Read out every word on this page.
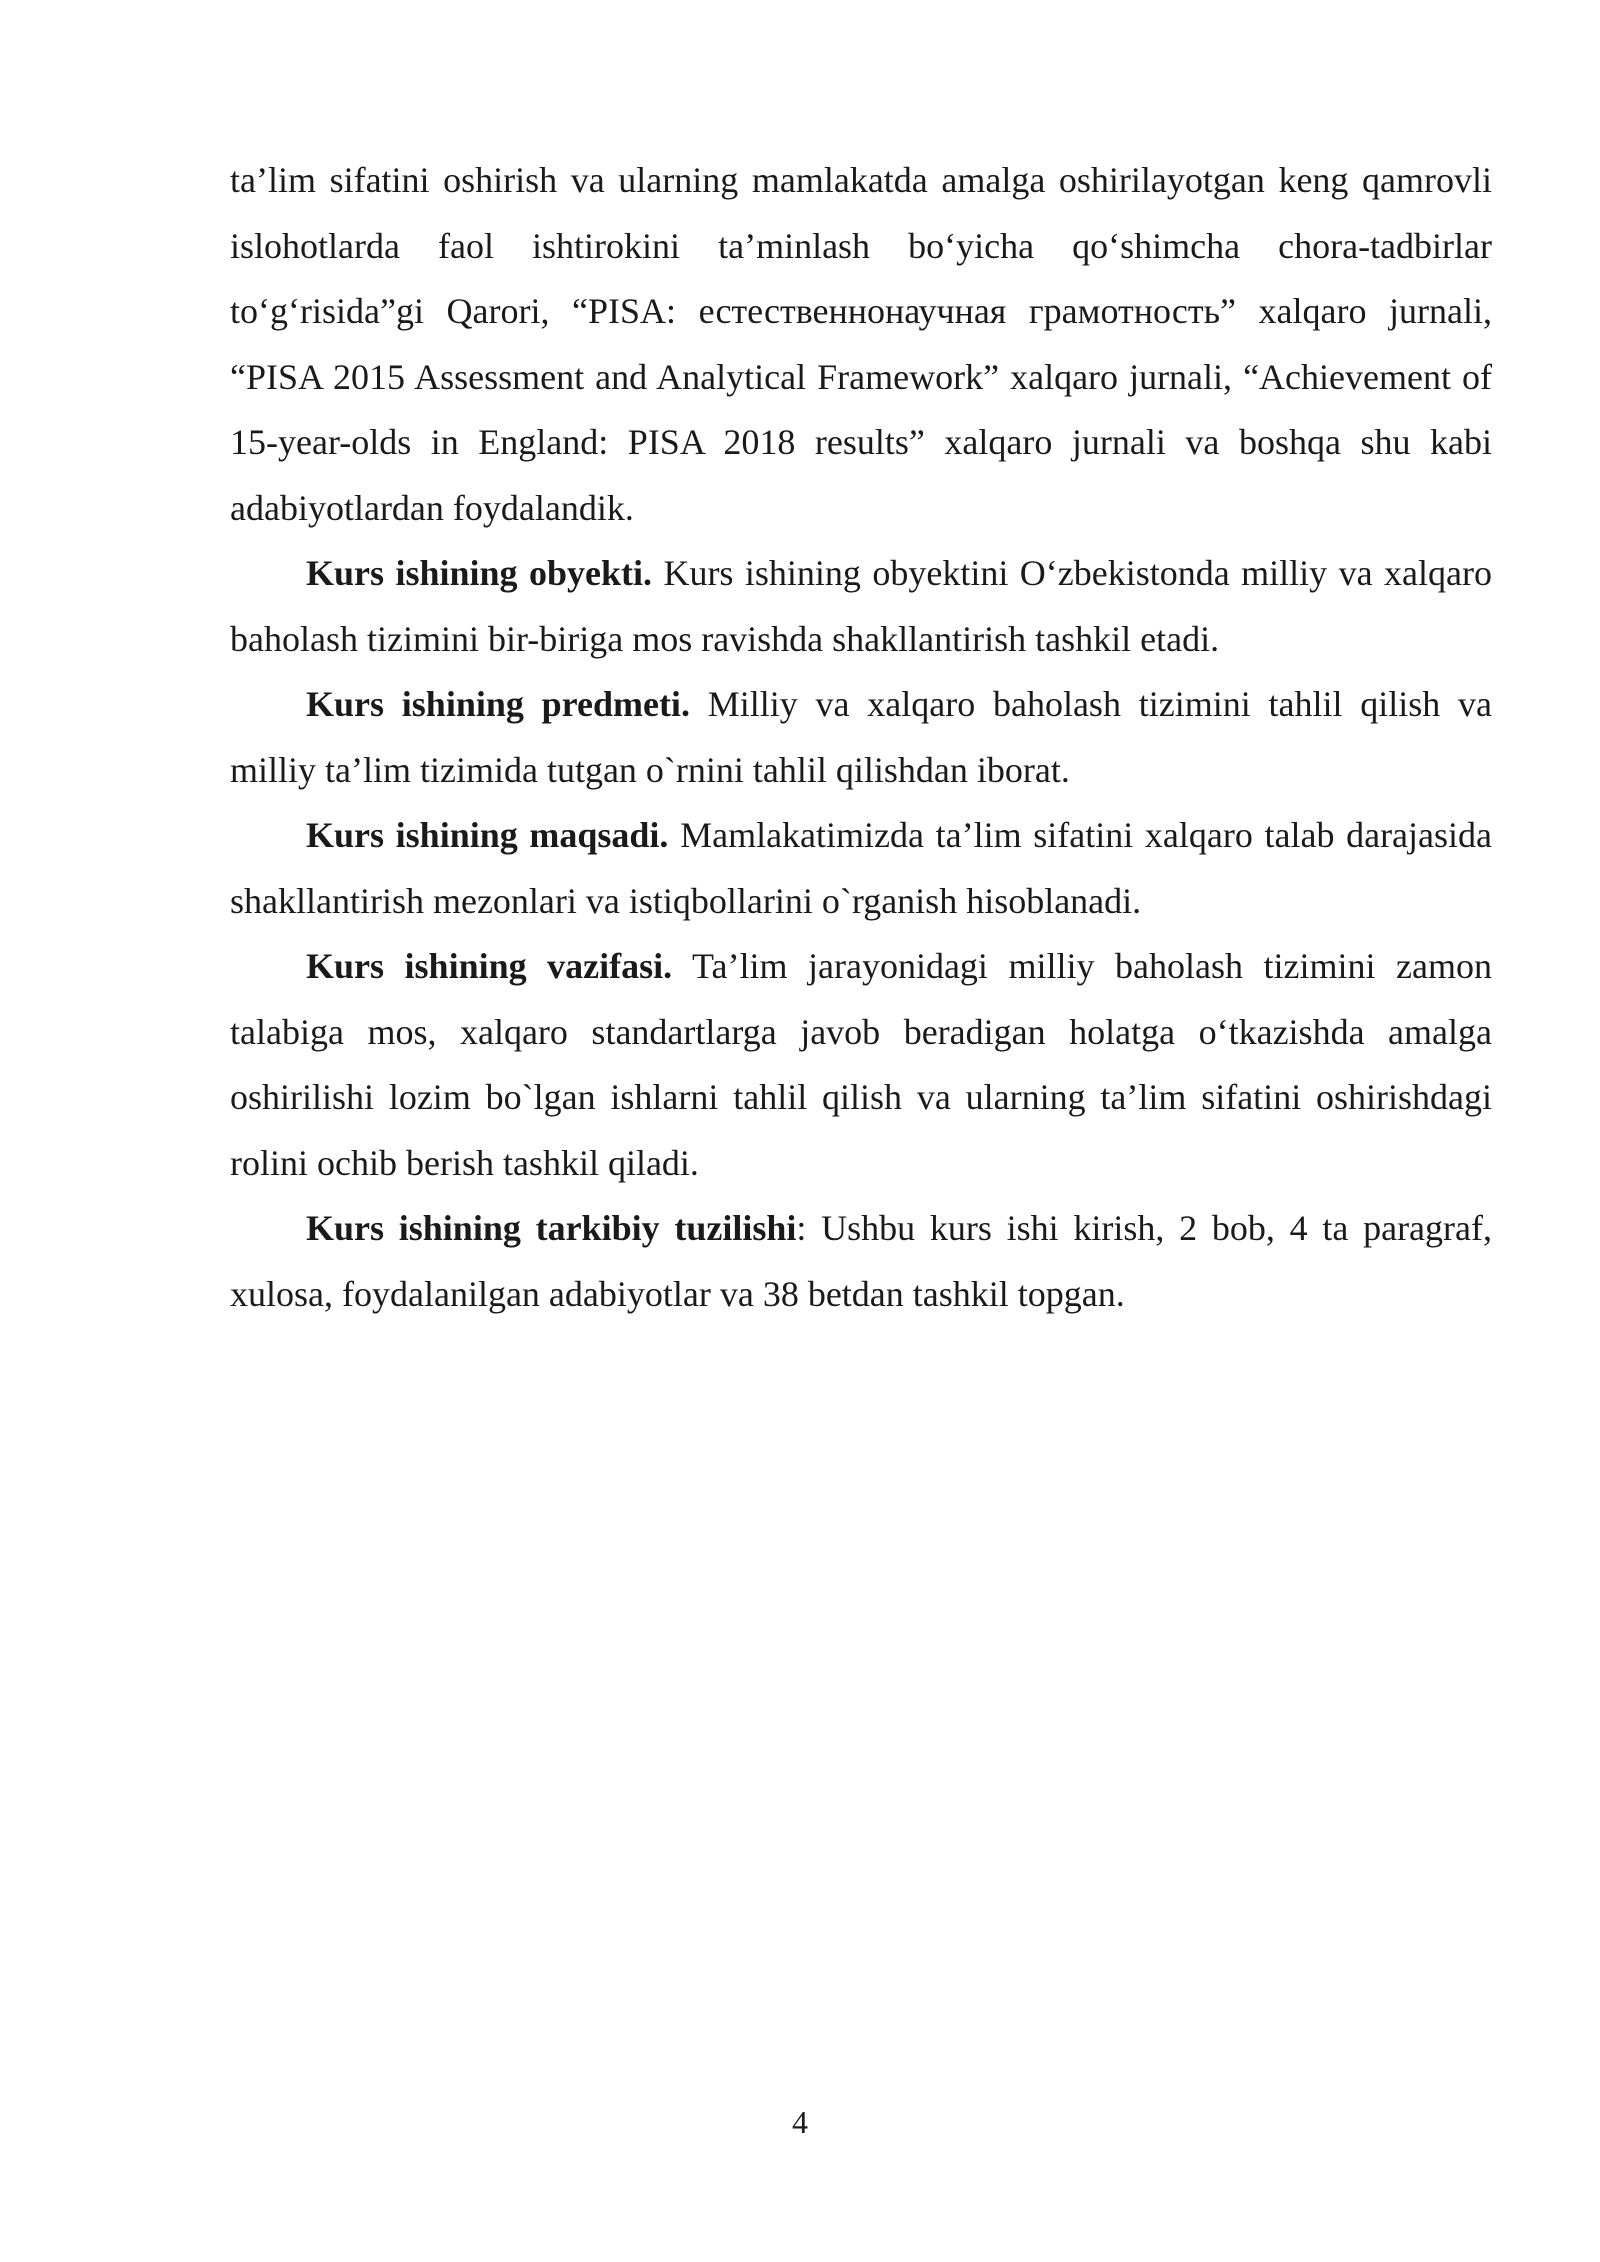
ta’lim sifatini oshirish va ularning mamlakatda amalga oshirilayotgan keng qamrovli islohotlarda faol ishtirokini ta’minlash bo‘yicha qo‘shimcha chora-tadbirlar to‘g‘risida”gi Qarori, “PISA: естественнонаучная грамотность” xalqaro jurnali, “PISA 2015 Assessment and Analytical Framework” xalqaro jurnali, “Achievement of 15-year-olds in England: PISA 2018 results” xalqaro jurnali va boshqa shu kabi adabiyotlardan foydalandik.

Kurs ishining obyekti. Kurs ishining obyektini O‘zbekistonda milliy va xalqaro baholash tizimini bir-biriga mos ravishda shakllantirish tashkil etadi.

Kurs ishining predmeti. Milliy va xalqaro baholash tizimini tahlil qilish va milliy ta’lim tizimida tutgan o`rnini tahlil qilishdan iborat.

Kurs ishining maqsadi. Mamlakatimizda ta’lim sifatini xalqaro talab darajasida shakllantirish mezonlari va istiqbollarini o`rganish hisoblanadi.

Kurs ishining vazifasi. Ta’lim jarayonidagi milliy baholash tizimini zamon talabiga mos, xalqaro standartlarga javob beradigan holatga o‘tkazishda amalga oshirilishi lozim bo`lgan ishlarni tahlil qilish va ularning ta’lim sifatini oshirishdagi rolini ochib berish tashkil qiladi.

Kurs ishining tarkibiy tuzilishi: Ushbu kurs ishi kirish, 2 bob, 4 ta paragraf, xulosa, foydalanilgan adabiyotlar va 38 betdan tashkil topgan.

4
